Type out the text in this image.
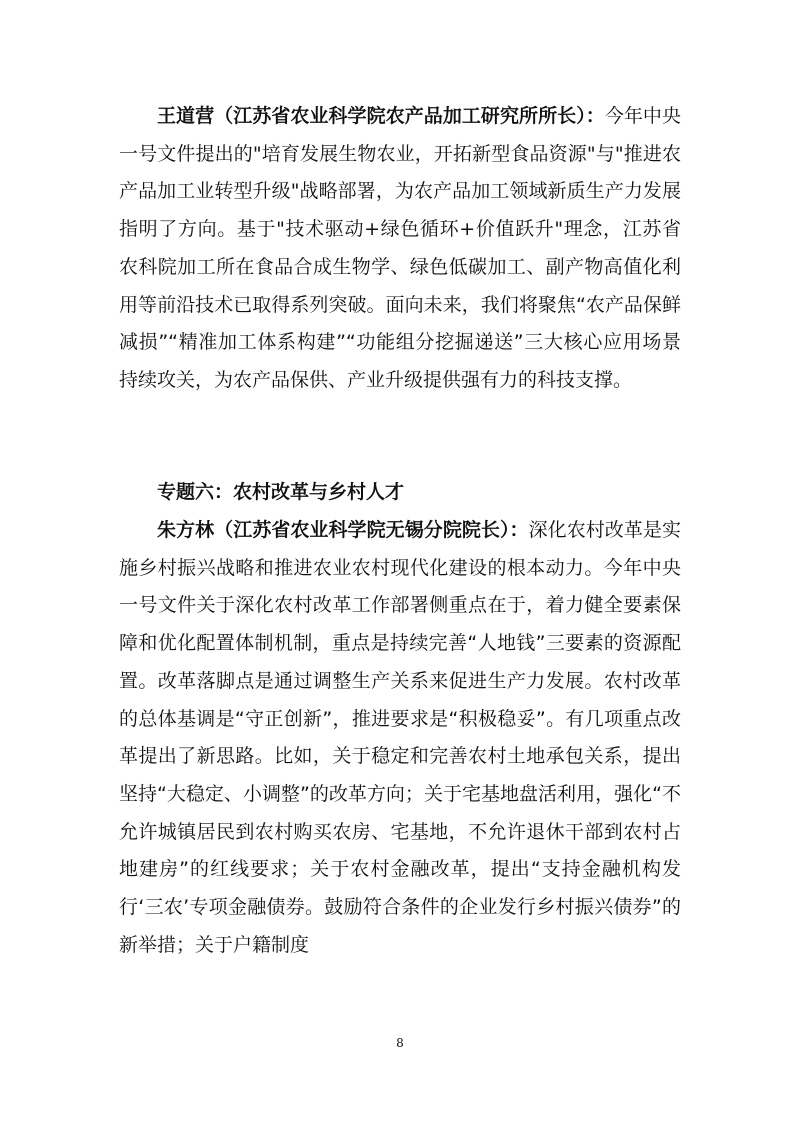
王道营（江苏省农业科学院农产品加工研究所所长）：今年中央一号文件提出的"培育发展生物农业，开拓新型食品资源"与"推进农产品加工业转型升级"战略部署，为农产品加工领域新质生产力发展指明了方向。基于"技术驱动+绿色循环+价值跃升"理念，江苏省农科院加工所在食品合成生物学、绿色低碳加工、副产物高值化利用等前沿技术已取得系列突破。面向未来，我们将聚焦“农产品保鲜减损”“精准加工体系构建”“功能组分挖掘递送”三大核心应用场景持续攻关，为农产品保供、产业升级提供强有力的科技支撑。

专题六：农村改革与乡村人才

朱方林（江苏省农业科学院无锡分院院长）：深化农村改革是实施乡村振兴战略和推进农业农村现代化建设的根本动力。今年中央一号文件关于深化农村改革工作部署侧重点在于，着力健全要素保障和优化配置体制机制，重点是持续完善“人地钱”三要素的资源配置。改革落脚点是通过调整生产关系来促进生产力发展。农村改革的总体基调是“守正创新”，推进要求是“积极稳妥”。有几项重点改革提出了新思路。比如，关于稳定和完善农村土地承包关系，提出坚持“大稳定、小调整”的改革方向；关于宅基地盘活利用，强化“不允许城镇居民到农村购买农房、宅基地，不允许退休干部到农村占地建房”的红线要求；关于农村金融改革，提出“支持金融机构发行‘三农’专项金融债券。鼓励符合条件的企业发行乡村振兴债券”的新举措；关于户籍制度

8
